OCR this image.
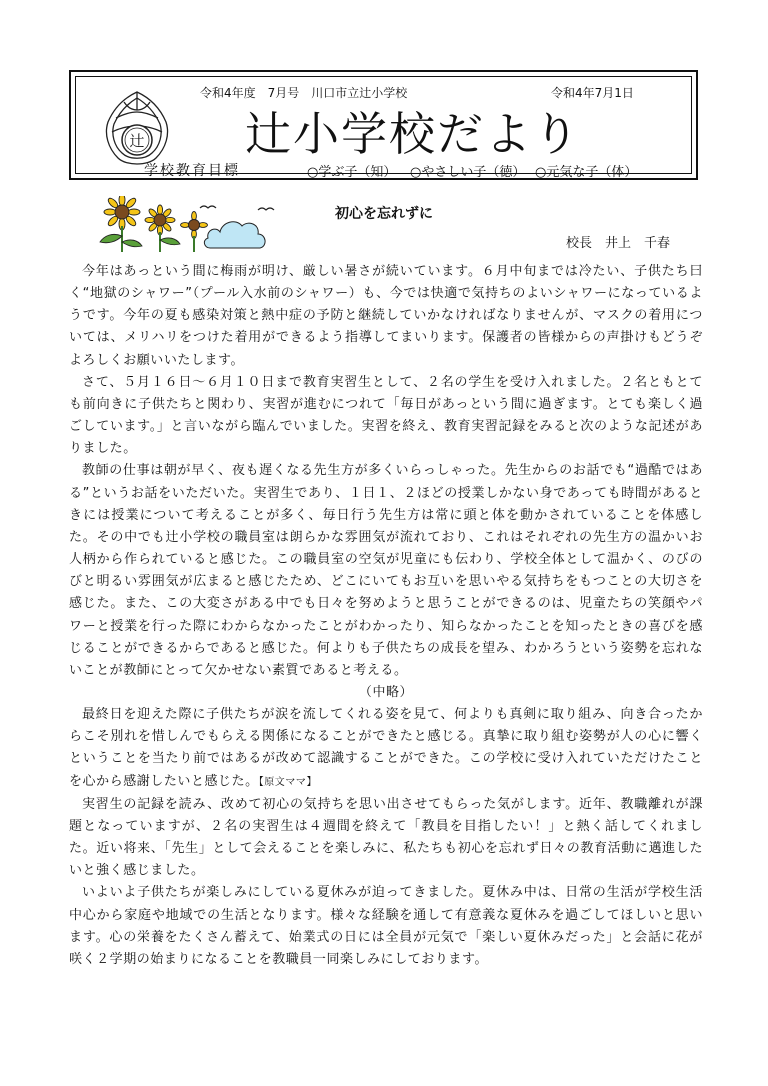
辻
令和4年度　7月号　川口市立辻小学校	令和4年7月1日
辻小学校だより
学校教育目標	○学ぶ子（知） ○やさしい子（徳） ○元気な子（体）
初心を忘れずに
校長　井上　千春

今年はあっという間に梅雨が明け、厳しい暑さが続いています。６月中旬までは冷たい、子供たち曰く“地獄のシャワー”（プール入水前のシャワー）も、今では快適で気持ちのよいシャワーになっているようです。今年の夏も感染対策と熱中症の予防と継続していかなければなりませんが、マスクの着用については、メリハリをつけた着用ができるよう指導してまいります。保護者の皆様からの声掛けもどうぞよろしくお願いいたします。

さて、５月１６日～６月１０日まで教育実習生として、２名の学生を受け入れました。２名ともとても前向きに子供たちと関わり、実習が進むにつれて「毎日があっという間に過ぎます。とても楽しく過ごしています。」と言いながら臨んでいました。実習を終え、教育実習記録をみると次のような記述がありました。

教師の仕事は朝が早く、夜も遅くなる先生方が多くいらっしゃった。先生からのお話でも“過酷ではある”というお話をいただいた。実習生であり、１日１、２ほどの授業しかない身であっても時間があるときには授業について考えることが多く、毎日行う先生方は常に頭と体を動かされていることを体感した。その中でも辻小学校の職員室は朗らかな雰囲気が流れており、これはそれぞれの先生方の温かいお人柄から作られていると感じた。この職員室の空気が児童にも伝わり、学校全体として温かく、のびのびと明るい雰囲気が広まると感じたため、どこにいてもお互いを思いやる気持ちをもつことの大切さを感じた。また、この大変さがある中でも日々を努めようと思うことができるのは、児童たちの笑顔やパワーと授業を行った際にわからなかったことがわかったり、知らなかったことを知ったときの喜びを感じることができるからであると感じた。何よりも子供たちの成長を望み、わかろうという姿勢を忘れないことが教師にとって欠かせない素質であると考える。

（中略）

最終日を迎えた際に子供たちが涙を流してくれる姿を見て、何よりも真剣に取り組み、向き合ったからこそ別れを惜しんでもらえる関係になることができたと感じる。真摯に取り組む姿勢が人の心に響くということを当たり前ではあるが改めて認識することができた。この学校に受け入れていただけたことを心から感謝したいと感じた。【原文ママ】

実習生の記録を読み、改めて初心の気持ちを思い出させてもらった気がします。近年、教職離れが課題となっていますが、２名の実習生は４週間を終えて「教員を目指したい！」と熱く話してくれました。近い将来、「先生」として会えることを楽しみに、私たちも初心を忘れず日々の教育活動に邁進したいと強く感じました。

いよいよ子供たちが楽しみにしている夏休みが迫ってきました。夏休み中は、日常の生活が学校生活中心から家庭や地域での生活となります。様々な経験を通して有意義な夏休みを過ごしてほしいと思います。心の栄養をたくさん蓄えて、始業式の日には全員が元気で「楽しい夏休みだった」と会話に花が咲く２学期の始まりになることを教職員一同楽しみにしております。
